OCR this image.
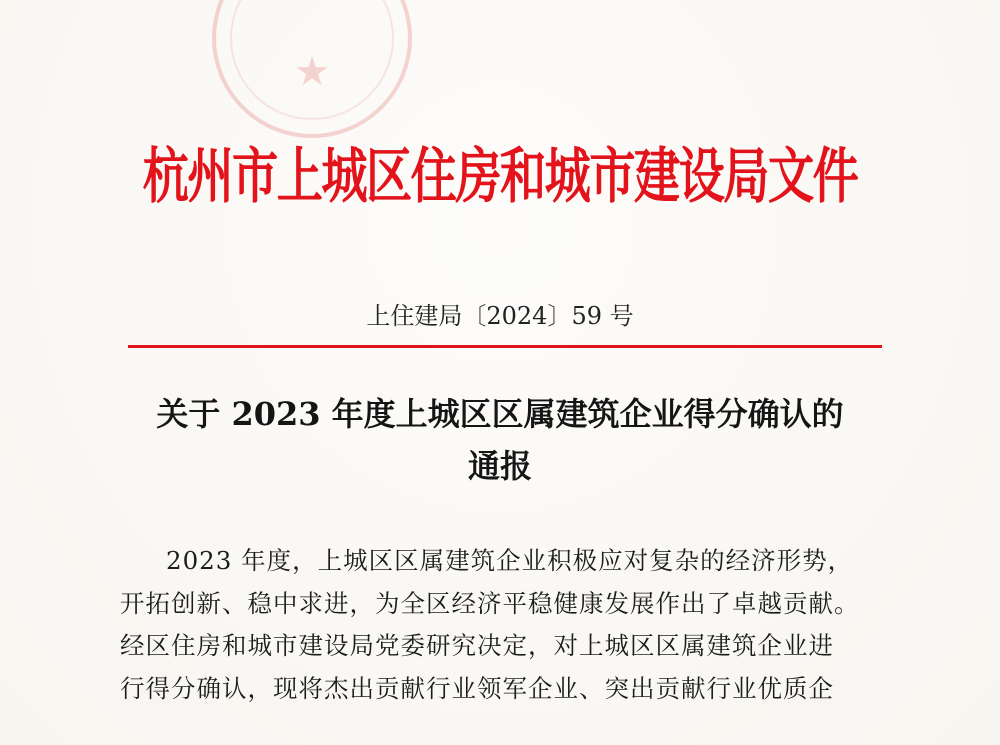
★
杭州市上城区住房和城市建设局文件
上住建局〔2024〕59 号
关于 2023 年度上城区区属建筑企业得分确认的
通报
2023 年度，上城区区属建筑企业积极应对复杂的经济形势，
开拓创新、稳中求进，为全区经济平稳健康发展作出了卓越贡献。
经区住房和城市建设局党委研究决定，对上城区区属建筑企业进
行得分确认，现将杰出贡献行业领军企业、突出贡献行业优质企
